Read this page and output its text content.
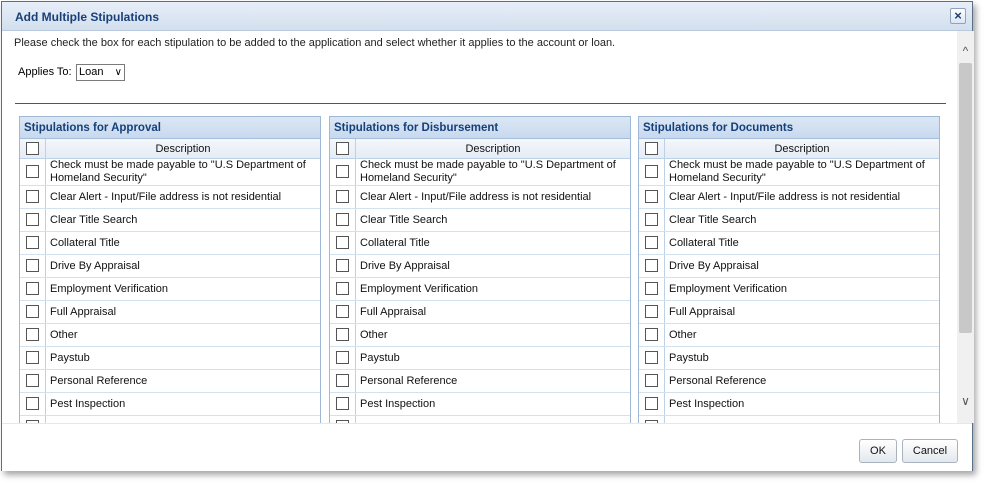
Add Multiple Stipulations	×
Please check the box for each stipulation to be added to the application and select whether it applies to the account or loan.
Applies To: Loan ∨
Stipulations for Approval
Description
Check must be made payable to "U.S Department of Homeland Security"
Clear Alert - Input/File address is not residential
Clear Title Search
Collateral Title
Drive By Appraisal
Employment Verification
Full Appraisal
Other
Paystub
Personal Reference
Pest Inspection
Stipulations for Disbursement
Description
Check must be made payable to "U.S Department of Homeland Security"
Clear Alert - Input/File address is not residential
Clear Title Search
Collateral Title
Drive By Appraisal
Employment Verification
Full Appraisal
Other
Paystub
Personal Reference
Pest Inspection
Stipulations for Documents
Description
Check must be made payable to "U.S Department of Homeland Security"
Clear Alert - Input/File address is not residential
Clear Title Search
Collateral Title
Drive By Appraisal
Employment Verification
Full Appraisal
Other
Paystub
Personal Reference
Pest Inspection
^
∨
OK	Cancel
